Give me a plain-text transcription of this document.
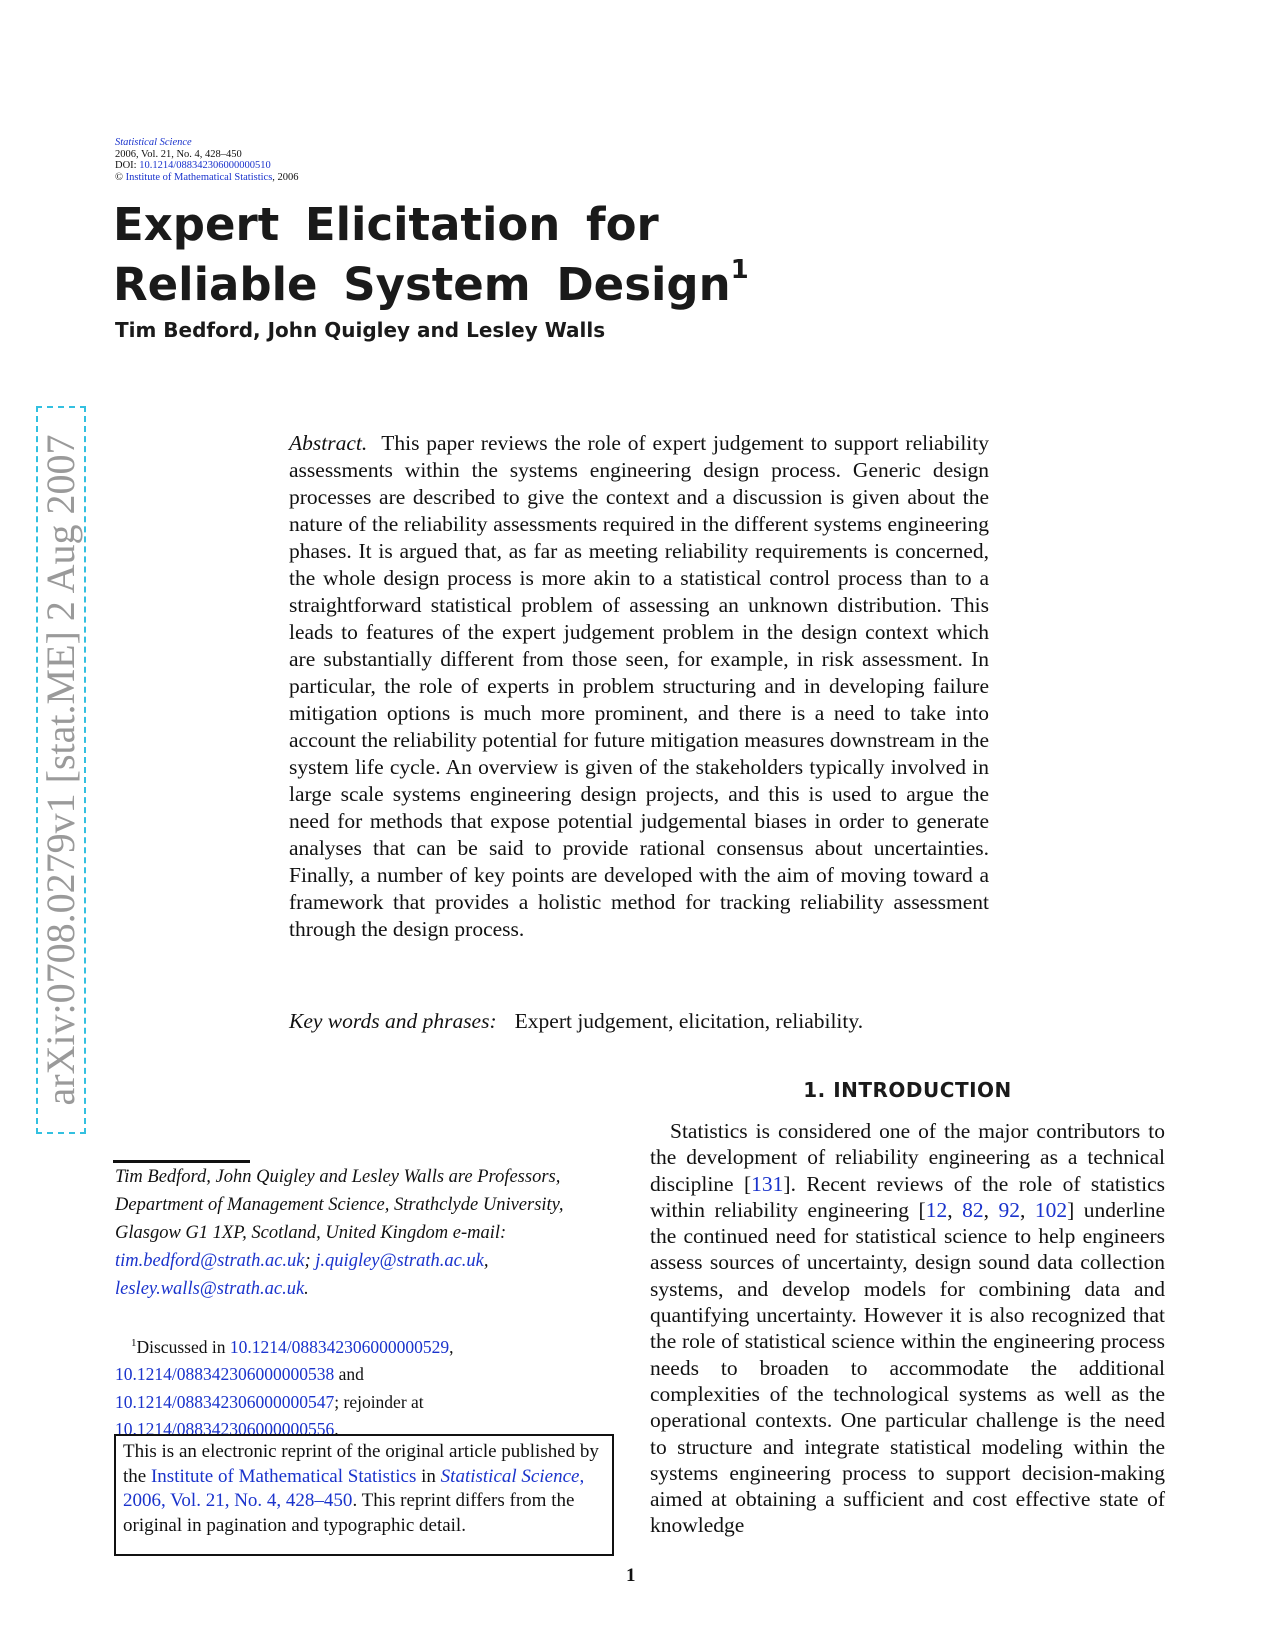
Statistical Science
2006, Vol. 21, No. 4, 428–450
DOI: 10.1214/088342306000000510
© Institute of Mathematical Statistics, 2006
arXiv:0708.0279v1 [stat.ME] 2 Aug 2007
Expert Elicitation for Reliable System Design$^1$
Tim Bedford, John Quigley and Lesley Walls
Abstract. This paper reviews the role of expert judgement to support reliability assessments within the systems engineering design process. Generic design processes are described to give the context and a discussion is given about the nature of the reliability assessments required in the different systems engineering phases. It is argued that, as far as meeting reliability requirements is concerned, the whole design process is more akin to a statistical control process than to a straightforward statistical problem of assessing an unknown distribution. This leads to features of the expert judgement problem in the design context which are substantially different from those seen, for example, in risk assessment. In particular, the role of experts in problem structuring and in developing failure mitigation options is much more prominent, and there is a need to take into account the reliability potential for future mitigation measures downstream in the system life cycle. An overview is given of the stakeholders typically involved in large scale systems engineering design projects, and this is used to argue the need for methods that expose potential judgemental biases in order to generate analyses that can be said to provide rational consensus about uncertainties. Finally, a number of key points are developed with the aim of moving toward a framework that provides a holistic method for tracking reliability assessment through the design process.
Key words and phrases: Expert judgement, elicitation, reliability.
1. INTRODUCTION
Statistics is considered one of the major contributors to the development of reliability engineering as a technical discipline [131]. Recent reviews of the role of statistics within reliability engineering [12, 82, 92, 102] underline the continued need for statistical science to help engineers assess sources of uncertainty, design sound data collection systems, and develop models for combining data and quantifying uncertainty. However it is also recognized that the role of statistical science within the engineering process needs to broaden to accommodate the additional complexities of the technological systems as well as the operational contexts. One particular challenge is the need to structure and integrate statistical modeling within the systems engineering process to support decision-making aimed at obtaining a sufficient and cost effective state of knowledge
Tim Bedford, John Quigley and Lesley Walls are Professors, Department of Management Science, Strathclyde University, Glasgow G1 1XP, Scotland, United Kingdom e-mail:
tim.bedford@strath.ac.uk; j.quigley@strath.ac.uk,
lesley.walls@strath.ac.uk.
$^1$Discussed in 10.1214/088342306000000529,
10.1214/088342306000000538 and
10.1214/088342306000000547; rejoinder at
10.1214/088342306000000556.

This is an electronic reprint of the original article published by the Institute of Mathematical Statistics in Statistical Science, 2006, Vol. 21, No. 4, 428–450. This reprint differs from the original in pagination and typographic detail.

1
